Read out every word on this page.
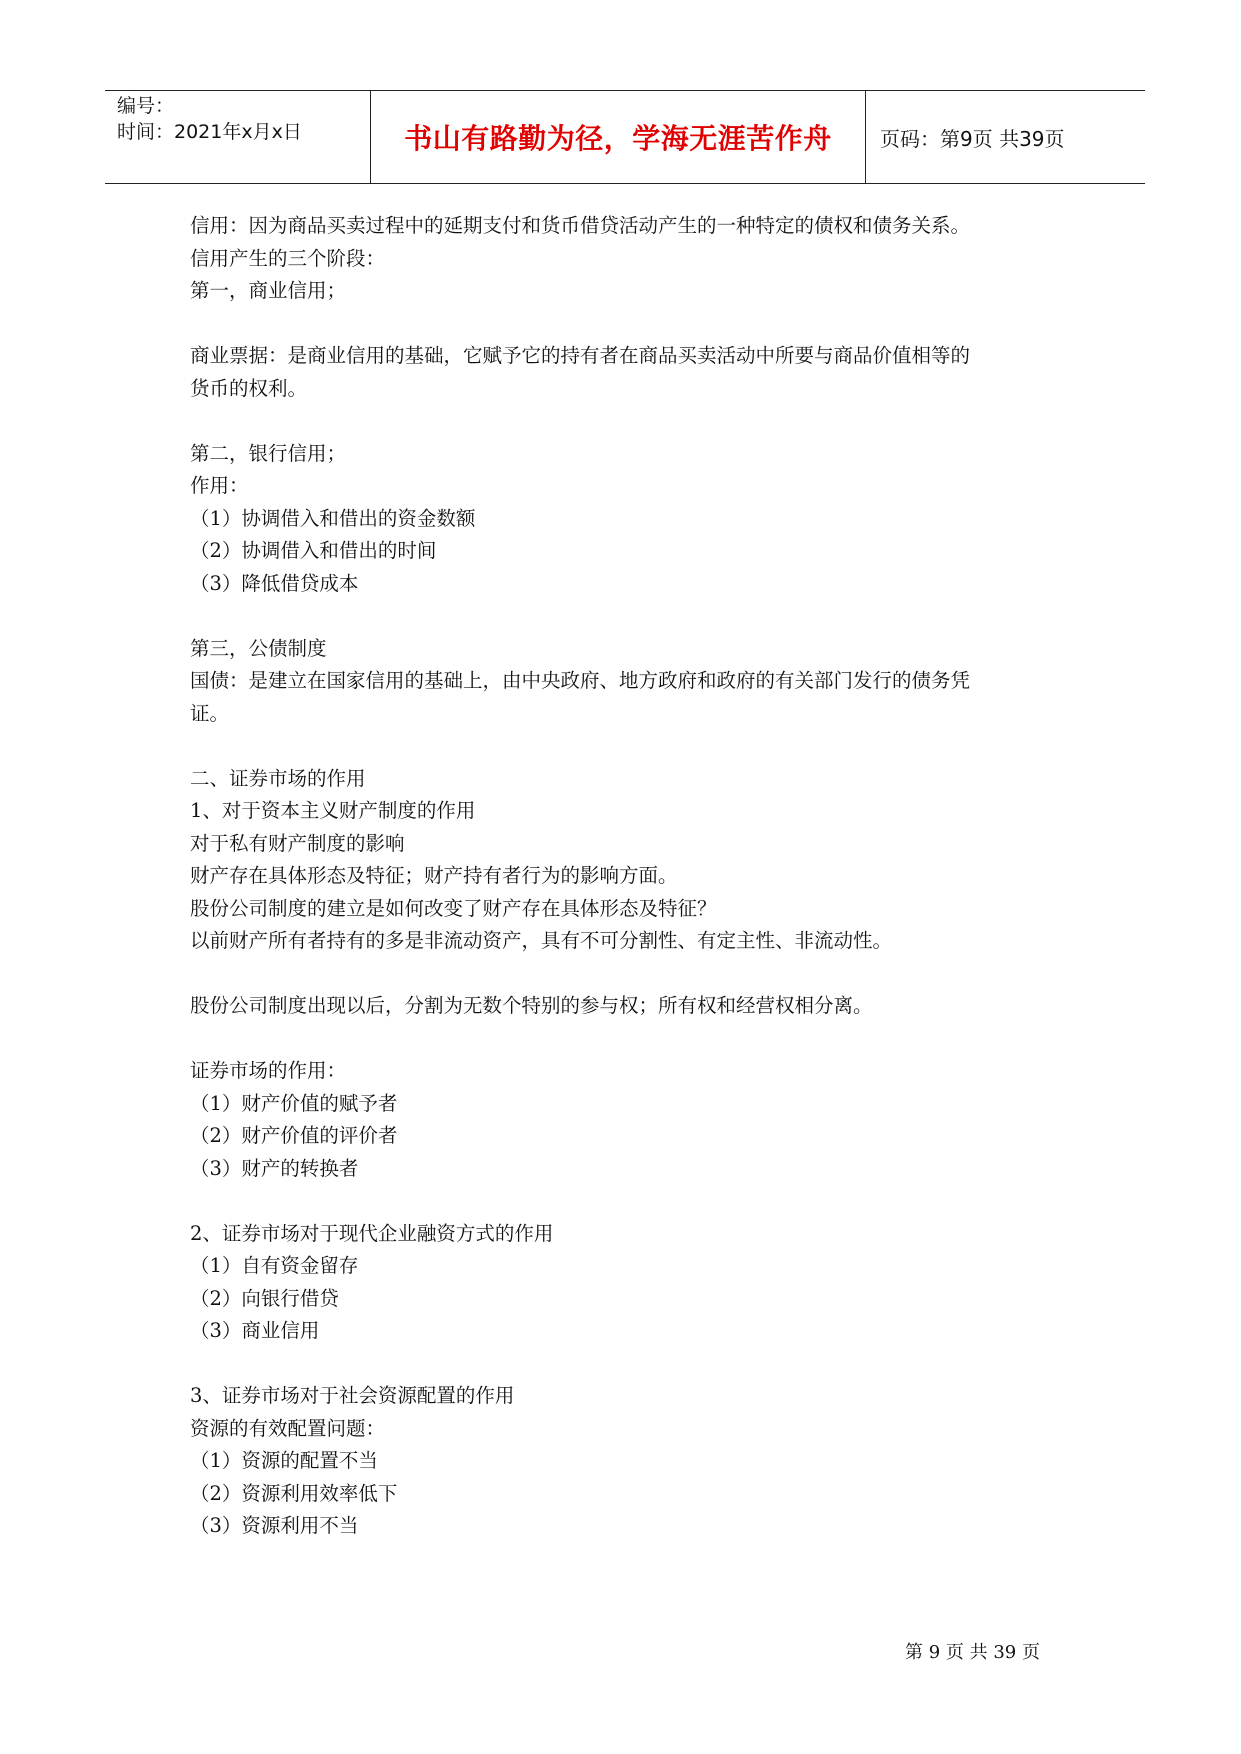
编号：
时间：2021年x月x日	书山有路勤为径，学海无涯苦作舟 页码：第9页 共39页
信用：因为商品买卖过程中的延期支付和货币借贷活动产生的一种特定的债权和债务关系。
信用产生的三个阶段：
第一，商业信用；
商业票据：是商业信用的基础，它赋予它的持有者在商品买卖活动中所要与商品价值相等的
货币的权利。
第二，银行信用；
作用：
（1）协调借入和借出的资金数额
（2）协调借入和借出的时间
（3）降低借贷成本
第三，公债制度
国债：是建立在国家信用的基础上，由中央政府、地方政府和政府的有关部门发行的债务凭
证。
二、证券市场的作用
1、对于资本主义财产制度的作用
对于私有财产制度的影响
财产存在具体形态及特征；财产持有者行为的影响方面。
股份公司制度的建立是如何改变了财产存在具体形态及特征？
以前财产所有者持有的多是非流动资产，具有不可分割性、有定主性、非流动性。
股份公司制度出现以后，分割为无数个特别的参与权；所有权和经营权相分离。
证券市场的作用：
（1）财产价值的赋予者
（2）财产价值的评价者
（3）财产的转换者
2、证券市场对于现代企业融资方式的作用
（1）自有资金留存
（2）向银行借贷
（3）商业信用
3、证券市场对于社会资源配置的作用
资源的有效配置问题：
（1）资源的配置不当
（2）资源利用效率低下
（3）资源利用不当
第 9 页 共 39 页
